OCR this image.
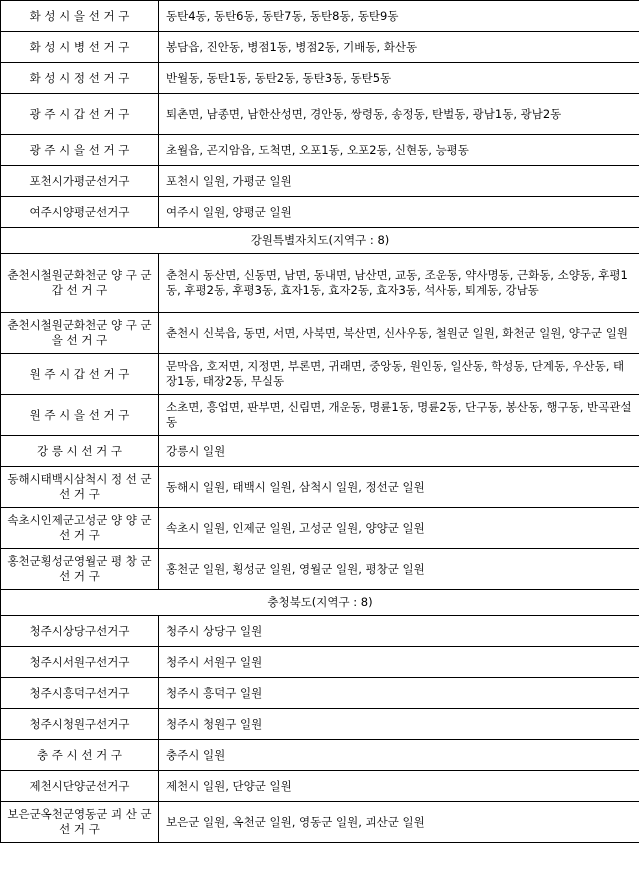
화 성 시 을 선 거 구	동탄4동, 동탄6동, 동탄7동, 동탄8동, 동탄9동
화 성 시 병 선 거 구	봉담읍, 진안동, 병점1동, 병점2동, 기배동, 화산동
화 성 시 정 선 거 구	반월동, 동탄1동, 동탄2동, 동탄3동, 동탄5동
광 주 시 갑 선 거 구	퇴촌면, 남종면, 남한산성면, 경안동, 쌍령동, 송정동, 탄벌동, 광남1동, 광남2동
광 주 시 을 선 거 구	초월읍, 곤지암읍, 도척면, 오포1동, 오포2동, 신현동, 능평동
포천시가평군선거구	포천시 일원, 가평군 일원
여주시양평군선거구	여주시 일원, 양평군 일원
강원특별자치도(지역구 : 8)	
춘천시철원군화천군 양 구 군 갑 선 거 구	춘천시 동산면, 신동면, 남면, 동내면, 남산면, 교동, 조운동, 약사명동, 근화동, 소양동, 후평1동, 후평2동, 후평3동, 효자1동, 효자2동, 효자3동, 석사동, 퇴계동, 강남동
춘천시철원군화천군 양 구 군 을 선 거 구	춘천시 신북읍, 동면, 서면, 사북면, 북산면, 신사우동, 철원군 일원, 화천군 일원, 양구군 일원
원 주 시 갑 선 거 구	문막읍, 호저면, 지정면, 부론면, 귀래면, 중앙동, 원인동, 일산동, 학성동, 단계동, 우산동, 태장1동, 태장2동, 무실동
원 주 시 을 선 거 구	소초면, 흥업면, 판부면, 신림면, 개운동, 명륜1동, 명륜2동, 단구동, 봉산동, 행구동, 반곡관설동
강 릉 시 선 거 구	강릉시 일원
동해시태백시삼척시 정 선 군 선 거 구	동해시 일원, 태백시 일원, 삼척시 일원, 정선군 일원
속초시인제군고성군 양 양 군 선 거 구	속초시 일원, 인제군 일원, 고성군 일원, 양양군 일원
홍천군횡성군영월군 평 창 군 선 거 구	홍천군 일원, 횡성군 일원, 영월군 일원, 평창군 일원
충청북도(지역구 : 8)	
청주시상당구선거구	청주시 상당구 일원
청주시서원구선거구	청주시 서원구 일원
청주시흥덕구선거구	청주시 흥덕구 일원
청주시청원구선거구	청주시 청원구 일원
충 주 시 선 거 구	충주시 일원
제천시단양군선거구	제천시 일원, 단양군 일원
보은군옥천군영동군 괴 산 군 선 거 구	보은군 일원, 옥천군 일원, 영동군 일원, 괴산군 일원
